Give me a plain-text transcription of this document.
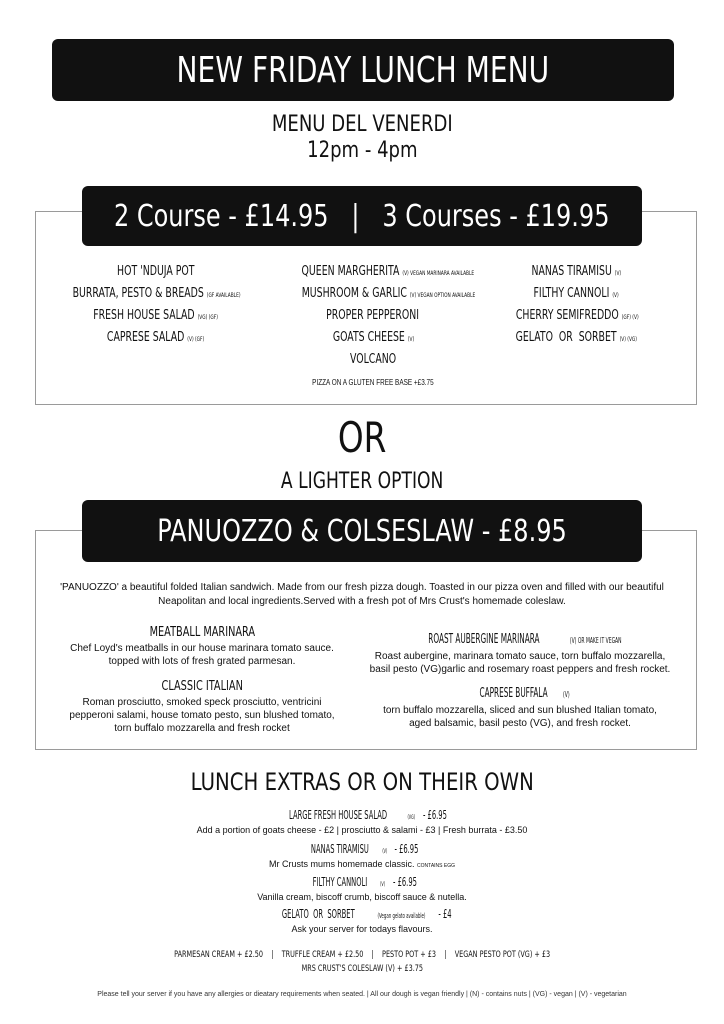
NEW FRIDAY LUNCH MENU
MENU DEL VENERDI
12pm - 4pm
2 Course - £14.95   |   3 Courses - £19.95
HOT 'NDUJA POT
BURRATA, PESTO & BREADS (GF AVAILABLE)
FRESH HOUSE SALAD (VG) (GF)
CAPRESE SALAD (V) (GF)
QUEEN MARGHERITA (V) VEGAN MARINARA AVAILABLE
MUSHROOM & GARLIC (V) VEGAN OPTION AVAILABLE
PROPER PEPPERONI
GOATS CHEESE (V)
VOLCANO
PIZZA ON A GLUTEN FREE BASE +£3.75
NANAS TIRAMISU (V)
FILTHY CANNOLI (V)
CHERRY SEMIFREDDO (GF) (V)
GELATO  OR  SORBET (V) (VG)
OR
A LIGHTER OPTION
PANUOZZO & COLSESLAW - £8.95
'PANUOZZO' a beautiful folded Italian sandwich. Made from our fresh pizza dough. Toasted in our pizza oven and filled with our beautiful Neapolitan and local ingredients.Served with a fresh pot of Mrs Crust's homemade coleslaw.
MEATBALL MARINARA
Chef Loyd's meatballs in our house marinara tomato sauce.
topped with lots of fresh grated parmesan.
CLASSIC ITALIAN
Roman prosciutto, smoked speck prosciutto, ventricini
pepperoni salami, house tomato pesto, sun blushed tomato,
torn buffalo mozzarella and fresh rocket
ROAST AUBERGINE MARINARA	(V) OR MAKE IT VEGAN
Roast aubergine, marinara tomato sauce, torn buffalo mozzarella,
basil pesto (VG)garlic and rosemary roast peppers and fresh rocket.
CAPRESE BUFFALA (V)
torn buffalo mozzarella, sliced and sun blushed Italian tomato,
aged balsamic, basil pesto (VG), and fresh rocket.
LUNCH EXTRAS OR ON THEIR OWN
LARGE FRESH HOUSE SALAD	(VG) - £6.95
Add a portion of goats cheese - £2 | prosciutto & salami - £3 | Fresh burrata - £3.50
NANAS TIRAMISU (V) - £6.95
Mr Crusts mums homemade classic. CONTAINS EGG
FILTHY CANNOLI (V) - £6.95
Vanilla cream, biscoff crumb, biscoff sauce & nutella.
GELATO  OR  SORBET	(Vegan gelato available) - £4
Ask your server for todays flavours.
PARMESAN CREAM + £2.50    |    TRUFFLE CREAM + £2.50    |    PESTO POT + £3    |    VEGAN PESTO POT (VG) + £3
MRS CRUST'S COLESLAW (V) + £3.75
Please tell your server if you have any allergies or dieatary requirements when seated. | All our dough is vegan friendly | (N) - contains nuts | (VG) - vegan | (V) - vegetarian
